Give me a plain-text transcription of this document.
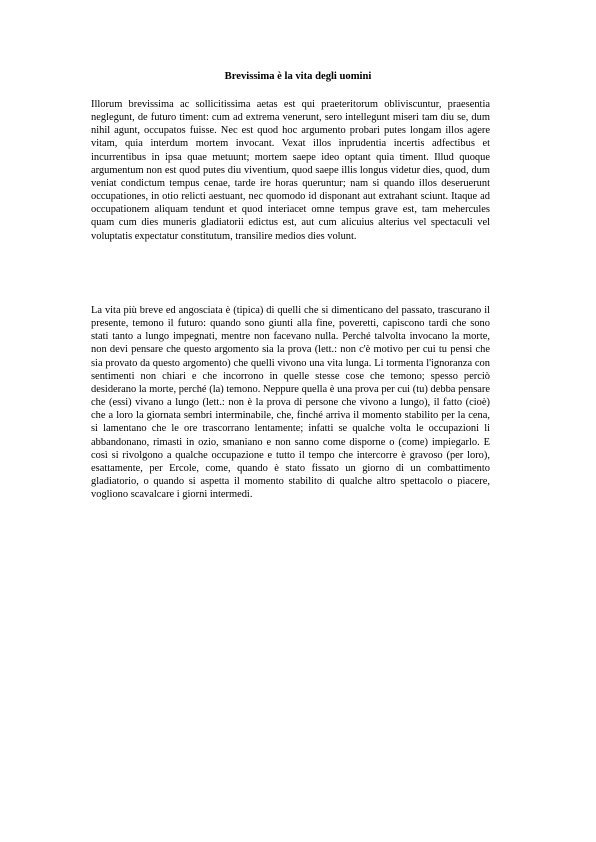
Brevissima è la vita degli uomini

Illorum brevissima ac sollicitissima aetas est qui praeteritorum obliviscuntur, praesentia neglegunt, de futuro timent: cum ad extrema venerunt, sero intellegunt miseri tam diu se, dum nihil agunt, occupatos fuisse. Nec est quod hoc argumento probari putes longam illos agere vitam, quia interdum mortem invocant. Vexat illos inprudentia incertis adfectibus et incurrentibus in ipsa quae metuunt; mortem saepe ideo optant quia timent. Illud quoque argumentum non est quod putes diu viventium, quod saepe illis longus videtur dies, quod, dum veniat condictum tempus cenae, tarde ire horas queruntur; nam si quando illos deseruerunt occupationes, in otio relicti aestuant, nec quomodo id disponant aut extrahant sciunt. Itaque ad occupationem aliquam tendunt et quod interiacet omne tempus grave est, tam mehercules quam cum dies muneris gladiatorii edictus est, aut cum alicuius alterius vel spectaculi vel voluptatis expectatur constitutum, transilire medios dies volunt.

La vita più breve ed angosciata è (tipica) di quelli che si dimenticano del passato, trascurano il presente, temono il futuro: quando sono giunti alla fine, poveretti, capiscono tardi che sono stati tanto a lungo impegnati, mentre non facevano nulla. Perché talvolta invocano la morte, non devi pensare che questo argomento sia la prova (lett.: non c'è motivo per cui tu pensi che sia provato da questo argomento) che quelli vivono una vita lunga. Li tormenta l'ignoranza con sentimenti non chiari e che incorrono in quelle stesse cose che temono; spesso perciò desiderano la morte, perché (la) temono. Neppure quella è una prova per cui (tu) debba pensare che (essi) vivano a lungo (lett.: non è la prova di persone che vivono a lungo), il fatto (cioè) che a loro la giornata sembri interminabile, che, finché arriva il momento stabilito per la cena, si lamentano che le ore trascorrano lentamente; infatti se qualche volta le occupazioni li abbandonano, rimasti in ozio, smaniano e non sanno come disporne o (come) impiegarlo. E così si rivolgono a qualche occupazione e tutto il tempo che intercorre è gravoso (per loro), esattamente, per Ercole, come, quando è stato fissato un giorno di un combattimento gladiatorio, o quando si aspetta il momento stabilito di qualche altro spettacolo o piacere, vogliono scavalcare i giorni intermedi.
